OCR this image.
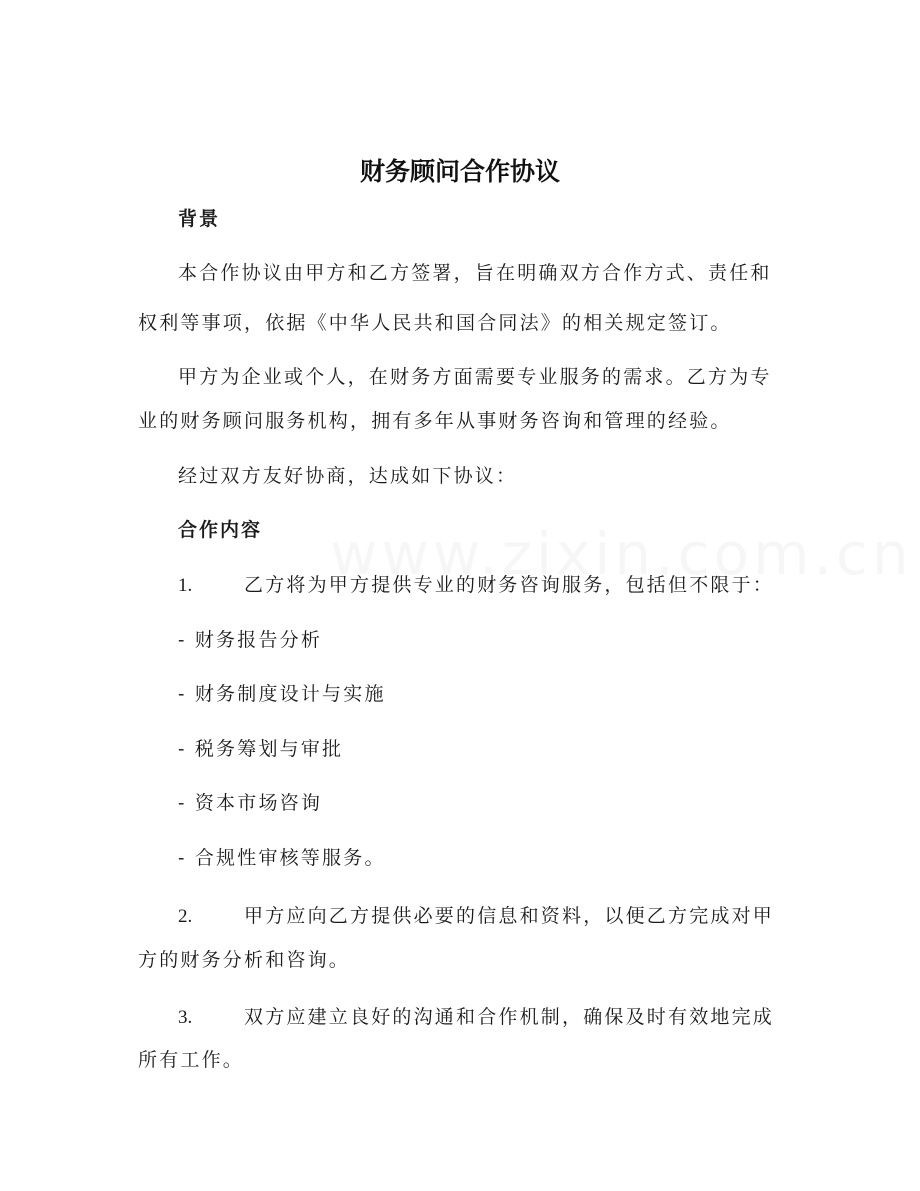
财务顾问合作协议
背景
本合作协议由甲方和乙方签署，旨在明确双方合作方式、责任和
权利等事项，依据《中华人民共和国合同法》的相关规定签订。
甲方为企业或个人，在财务方面需要专业服务的需求。乙方为专
业的财务顾问服务机构，拥有多年从事财务咨询和管理的经验。
经过双方友好协商，达成如下协议：
合作内容
1.	乙方将为甲方提供专业的财务咨询服务，包括但不限于：
- 财务报告分析
- 财务制度设计与实施
- 税务筹划与审批
- 资本市场咨询
- 合规性审核等服务。
2.	甲方应向乙方提供必要的信息和资料，以便乙方完成对甲
方的财务分析和咨询。
3.	双方应建立良好的沟通和合作机制，确保及时有效地完成
所有工作。
